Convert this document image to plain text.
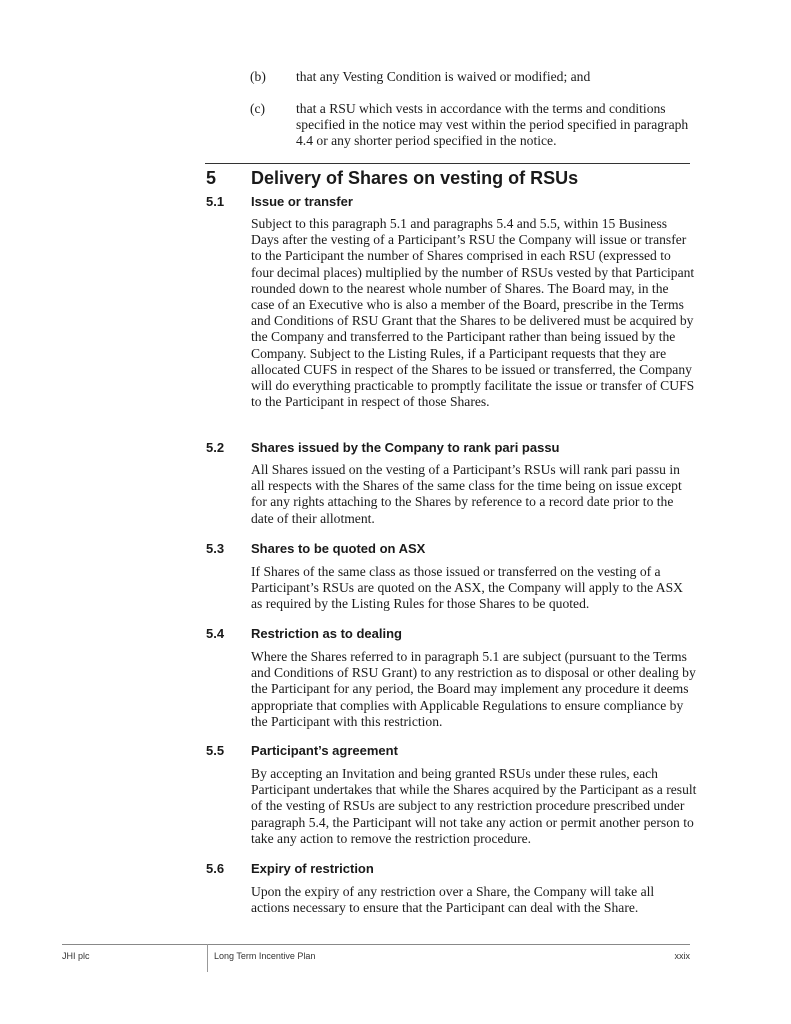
(b) that any Vesting Condition is waived or modified; and
(c) that a RSU which vests in accordance with the terms and conditions specified in the notice may vest within the period specified in paragraph 4.4 or any shorter period specified in the notice.
5 Delivery of Shares on vesting of RSUs
5.1 Issue or transfer

Subject to this paragraph 5.1 and paragraphs 5.4 and 5.5, within 15 Business Days after the vesting of a Participant’s RSU the Company will issue or transfer to the Participant the number of Shares comprised in each RSU (expressed to four decimal places) multiplied by the number of RSUs vested by that Participant rounded down to the nearest whole number of Shares. The Board may, in the case of an Executive who is also a member of the Board, prescribe in the Terms and Conditions of RSU Grant that the Shares to be delivered must be acquired by the Company and transferred to the Participant rather than being issued by the Company. Subject to the Listing Rules, if a Participant requests that they are allocated CUFS in respect of the Shares to be issued or transferred, the Company will do everything practicable to promptly facilitate the issue or transfer of CUFS to the Participant in respect of those Shares.

5.2 Shares issued by the Company to rank pari passu

All Shares issued on the vesting of a Participant’s RSUs will rank pari passu in all respects with the Shares of the same class for the time being on issue except for any rights attaching to the Shares by reference to a record date prior to the date of their allotment.

5.3 Shares to be quoted on ASX

If Shares of the same class as those issued or transferred on the vesting of a Participant’s RSUs are quoted on the ASX, the Company will apply to the ASX as required by the Listing Rules for those Shares to be quoted.

5.4 Restriction as to dealing

Where the Shares referred to in paragraph 5.1 are subject (pursuant to the Terms and Conditions of RSU Grant) to any restriction as to disposal or other dealing by the Participant for any period, the Board may implement any procedure it deems appropriate that complies with Applicable Regulations to ensure compliance by the Participant with this restriction.

5.5 Participant’s agreement

By accepting an Invitation and being granted RSUs under these rules, each Participant undertakes that while the Shares acquired by the Participant as a result of the vesting of RSUs are subject to any restriction procedure prescribed under paragraph 5.4, the Participant will not take any action or permit another person to take any action to remove the restriction procedure.

5.6 Expiry of restriction

Upon the expiry of any restriction over a Share, the Company will take all actions necessary to ensure that the Participant can deal with the Share.

JHI plc	Long Term Incentive Plan	xxix
